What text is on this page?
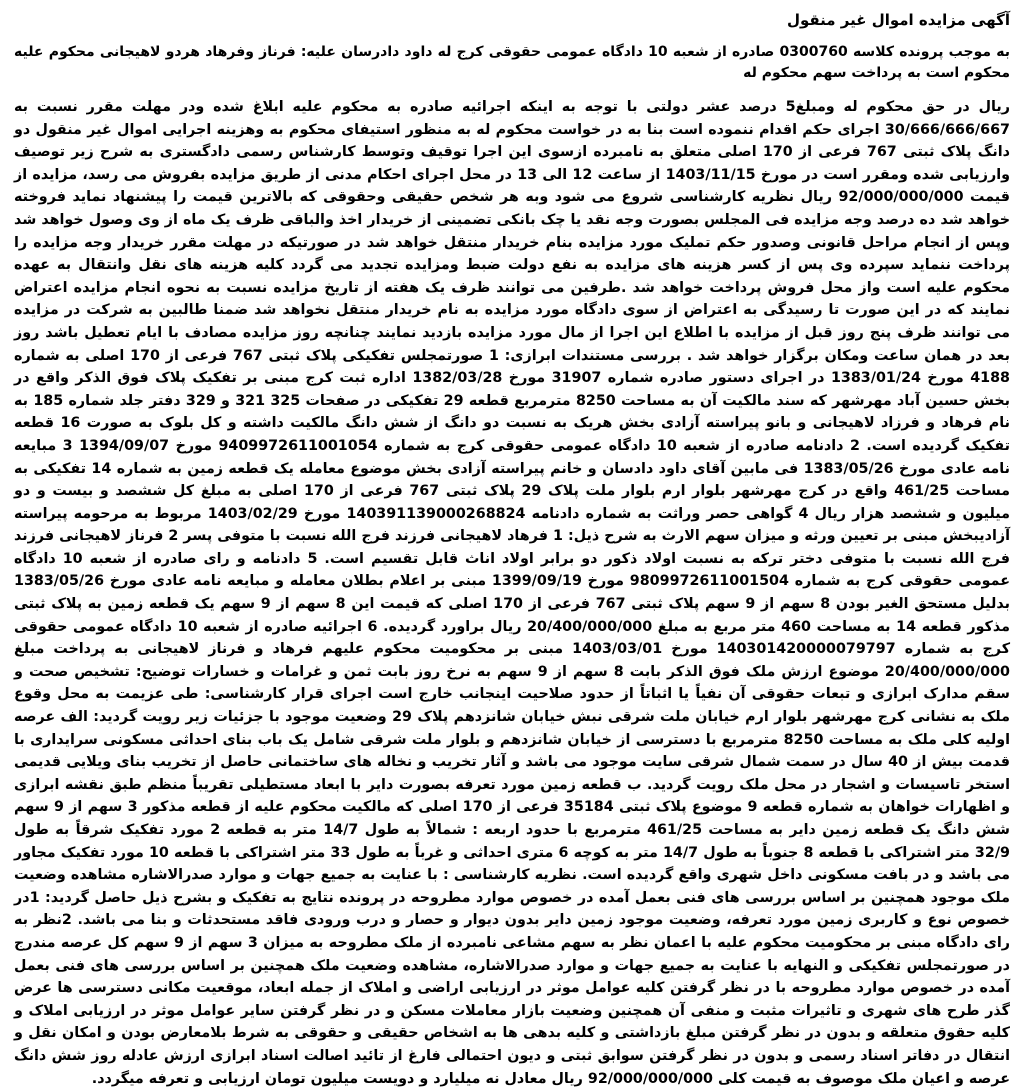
آگهی مزایده اموال غیر منقول

به موجب پرونده کلاسه 0300760 صادره از شعبه 10 دادگاه عمومی حقوقی کرج له داود دادرسان علیه: فرناز وفرهاد هردو لاهیجانی محکوم علیه محکوم است به پرداخت سهم محکوم له

ریال در حق محکوم له ومبلغ5 درصد عشر دولتی با توجه به اینکه اجرائیه صادره به محکوم علیه ابلاغ شده ودر مهلت مقرر نسبت به 30/666/666/667 اجرای حکم اقدام ننموده است بنا به در خواست محکوم له به منظور استیفای محکوم به وهزینه اجرایی اموال غیر منقول دو دانگ پلاک ثبتی 767 فرعی از 170 اصلی متعلق به نامبرده ازسوی این اجرا توقیف وتوسط کارشناس رسمی دادگستری به شرح زیر توصیف وارزیابی شده ومقرر است در مورخ 1403/11/15 از ساعت 12 الی 13 در محل اجرای احکام مدنی از طریق مزایده بفروش می رسد، مزایده از قیمت 92/000/000/000 ریال نظریه کارشناسی شروع می شود وبه هر شخص حقیقی وحقوقی که بالاترین قیمت را پیشنهاد نماید فروخته خواهد شد ده درصد وجه مزایده فی المجلس بصورت وجه نقد یا چک بانکی تضمینی از خریدار اخذ والباقی ظرف یک ماه از وی وصول خواهد شد وپس از انجام مراحل قانونی وصدور حکم تملیک مورد مزایده بنام خریدار منتقل خواهد شد در صورتیکه در مهلت مقرر خریدار وجه مزایده را پرداخت ننماید سپرده وی پس از کسر هزینه های مزایده به نفع دولت ضبط ومزایده تجدید می گردد کلیه هزینه های نقل وانتقال به عهده محکوم علیه است واز محل فروش پرداخت خواهد شد .طرفین می توانند ظرف یک هفته از تاریخ مزایده نسبت به نحوه انجام مزایده اعتراض نمایند که در این صورت تا رسیدگی به اعتراض از سوی دادگاه مورد مزایده به نام خریدار منتقل نخواهد شد ضمنا طالبین به شرکت در مزایده می توانند ظرف پنج روز قبل از مزایده با اطلاع این اجرا از مال مورد مزایده بازدید نمایند چنانچه روز مزایده مصادف با ایام تعطیل باشد روز بعد در همان ساعت ومکان برگزار خواهد شد . بررسی مستندات ابرازی: 1 صورتمجلس تفکیکی پلاک ثبتی 767 فرعی از 170 اصلی به شماره 4188 مورخ 1383/01/24 در اجرای دستور صادره شماره 31907 مورخ 1382/03/28 اداره ثبت کرج مبنی بر تفکیک پلاک فوق الذکر واقع در بخش حسین آباد مهرشهر که سند مالکیت آن به مساحت 8250 مترمربع قطعه 29 تفکیکی در صفحات 325 321 و 329 دفتر جلد شماره 185 به نام فرهاد و فرزاد لاهیجانی و بانو پیراسته آزادی بخش هریک به نسبت دو دانگ از شش دانگ مالکیت داشته و کل بلوک به صورت 16 قطعه تفکیک گردیده است. 2 دادنامه صادره از شعبه 10 دادگاه عمومی حقوقی کرج به شماره 9409972611001054 مورخ 1394/09/07 3 مبایعه نامه عادی مورخ 1383/05/26 فی مابین آقای داود دادسان و خانم پیراسته آزادی بخش موضوع معامله یک قطعه زمین به شماره 14 تفکیکی به مساحت 461/25 واقع در کرج مهرشهر بلوار ارم بلوار ملت پلاک 29 پلاک ثبتی 767 فرعی از 170 اصلی به مبلغ کل ششصد و بیست و دو میلیون و ششصد هزار ریال 4 گواهی حصر وراثت به شماره دادنامه 140391139000268824 مورخ 1403/02/29 مربوط به مرحومه پیراسته آزادیبخش مبنی بر تعیین ورثه و میزان سهم الارث به شرح ذیل: 1 فرهاد لاهیجانی فرزند فرج الله نسبت با متوفی پسر 2 فرناز لاهیجانی فرزند فرج الله نسبت با متوفی دختر ترکه به نسبت اولاد ذکور دو برابر اولاد اناث قابل تقسیم است. 5 دادنامه و رای صادره از شعبه 10 دادگاه عمومی حقوقی کرج به شماره 9809972611001504 مورخ 1399/09/19 مبنی بر اعلام بطلان معامله و مبایعه نامه عادی مورخ 1383/05/26 بدلیل مستحق الغیر بودن 8 سهم از 9 سهم پلاک ثبتی 767 فرعی از 170 اصلی که قیمت این 8 سهم از 9 سهم یک قطعه زمین به پلاک ثبتی مذکور قطعه 14 به مساحت 460 متر مربع به مبلغ 20/400/000/000 ریال براورد گردیده. 6 اجرائیه صادره از شعبه 10 دادگاه عمومی حقوقی کرج به شماره 140301420000079797 مورخ 1403/03/01 مبنی بر محکومیت محکوم علیهم فرهاد و فرناز لاهیجانی به پرداخت مبلغ 20/400/000/000 موضوع ارزش ملک فوق الذکر بابت 8 سهم از 9 سهم به نرخ روز بابت ثمن و غرامات و خسارات توضیح: تشخیص صحت و سقم مدارک ابرازی و تبعات حقوقی آن نفیاً یا اثباتاً از حدود صلاحیت اینجانب خارج است اجرای قرار کارشناسی: طی عزیمت به محل وقوع ملک به نشانی کرج مهرشهر بلوار ارم خیابان ملت شرقی نبش خیابان شانزدهم پلاک 29 وضعیت موجود با جزئیات زیر رویت گردید: الف عرصه اولیه کلی ملک به مساحت 8250 مترمربع با دسترسی از خیابان شانزدهم و بلوار ملت شرقی شامل یک باب بنای احداثی مسکونی سرایداری با قدمت بیش از 40 سال در سمت شمال شرقی سایت موجود می باشد و آثار تخریب و نخاله های ساختمانی حاصل از تخریب بنای ویلایی قدیمی استخر تاسیسات و اشجار در محل ملک رویت گردید. ب قطعه زمین مورد تعرفه بصورت دایر با ابعاد مستطیلی تقریباً منظم طبق نقشه ابرازی و اظهارات خواهان به شماره قطعه 9 موضوع پلاک ثبتی 35184 فرعی از 170 اصلی که مالکیت محکوم علیه از قطعه مذکور 3 سهم از 9 سهم شش دانگ یک قطعه زمین دایر به مساحت 461/25 مترمربع با حدود اربعه : شمالاً به طول 14/7 متر به قطعه 2 مورد تفکیک شرقاً به طول 32/9 متر اشتراکی با قطعه 8 جنوباً به طول 14/7 متر به کوچه 6 متری احداثی و غرباً به طول 33 متر اشتراکی با قطعه 10 مورد تفکیک مجاور می باشد و در بافت مسکونی داخل شهری واقع گردیده است. نظریه کارشناسی : با عنایت به جمیع جهات و موارد صدرالاشاره مشاهده وضعیت ملک موجود همچنین بر اساس بررسی های فنی بعمل آمده در خصوص موارد مطروحه در پرونده نتایج به تفکیک و بشرح ذیل حاصل گردید: 1در خصوص نوع و کاربری زمین مورد تعرفه، وضعیت موجود زمین دایر بدون دیوار و حصار و درب ورودی فاقد مستحدثات و بنا می باشد. 2نظر به رای دادگاه مبنی بر محکومیت محکوم علیه با اعمان نظر به سهم مشاعی نامبرده از ملک مطروحه به میزان 3 سهم از 9 سهم کل عرصه مندرج در صورتمجلس تفکیکی و النهایه با عنایت به جمیع جهات و موارد صدرالاشاره، مشاهده وضعیت ملک همچنین بر اساس بررسی های فنی بعمل آمده در خصوص موارد مطروحه با در نظر گرفتن کلیه عوامل موثر در ارزیابی اراضی و املاک از جمله ابعاد، موقعیت مکانی دسترسی ها عرض گذر طرح های شهری و تاثیرات مثبت و منفی آن همچنین وضعیت بازار معاملات مسکن و در نظر گرفتن سایر عوامل موثر در ارزیابی املاک و کلیه حقوق متعلقه و بدون در نظر گرفتن مبلغ بازداشتی و کلیه بدهی ها به اشخاص حقیقی و حقوقی به شرط بلامعارض بودن و امکان نقل و انتقال در دفاتر اسناد رسمی و بدون در نظر گرفتن سوابق ثبتی و دیون احتمالی فارغ از تائید اصالت اسناد ابرازی ارزش عادله روز شش دانگ عرصه و اعیان ملک موصوف به قیمت کلی 92/000/000/000 ریال معادل نه میلیارد و دویست میلیون تومان ارزیابی و تعرفه میگردد.
